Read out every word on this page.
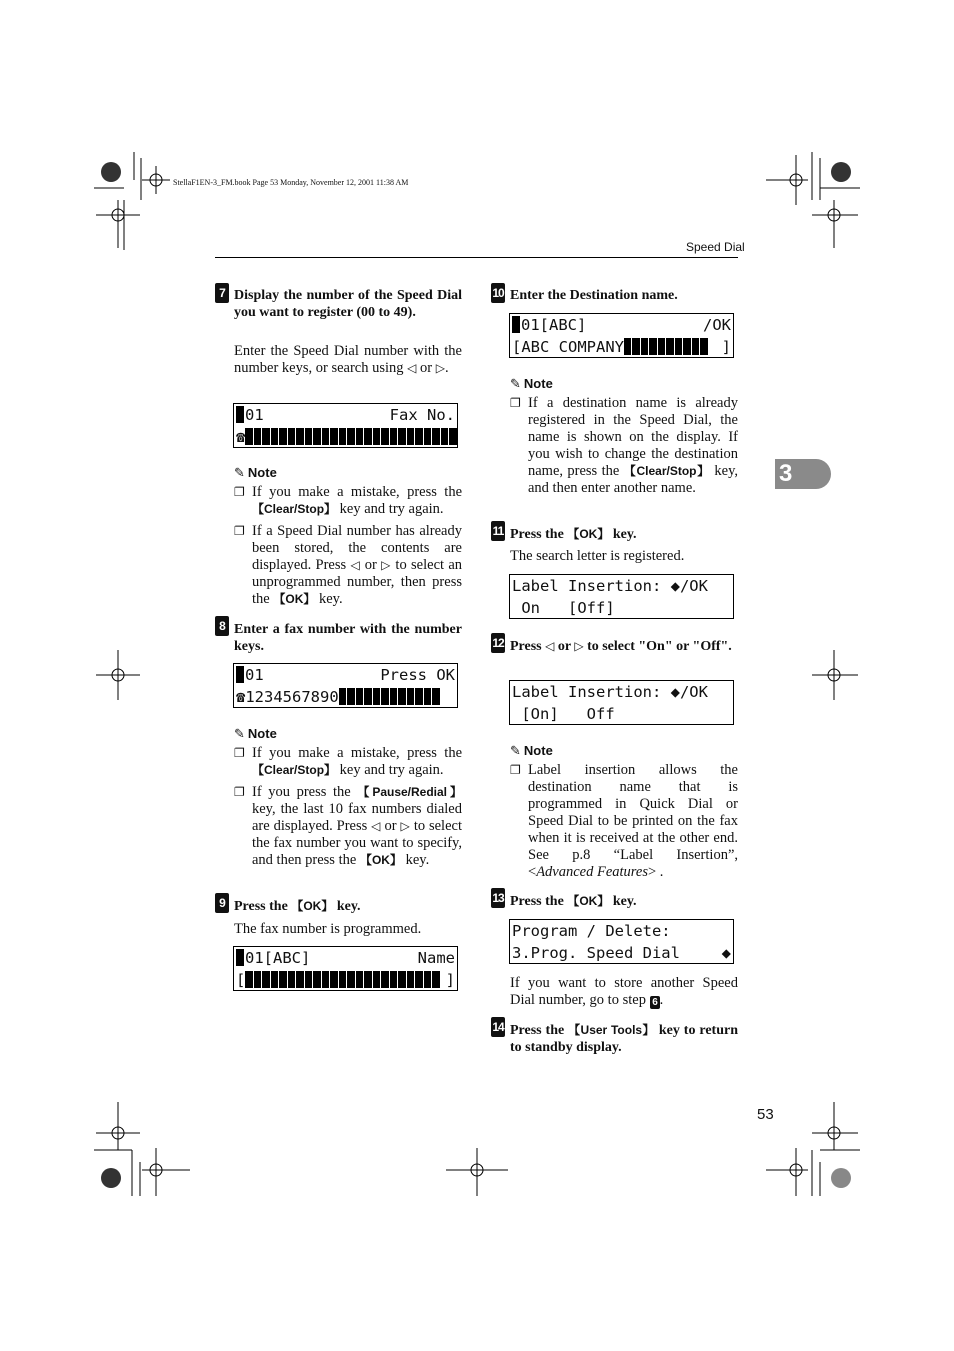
StellaF1EN-3_FM.book Page 53 Monday, November 12, 2001 11:38 AM
Speed Dial
3
53
7 Display the number of the Speed Dial you want to register (00 to 49).
Enter the Speed Dial number with the number keys, or search using ◁ or ▷.
01	Fax No.
☎
✎ Note
❐ If you make a mistake, press the 【 Clear/Stop 】 key and try again.
❐ If a Speed Dial number has already been stored, the contents are displayed. Press ◁ or ▷ to select an unprogrammed number, then press the 【 OK 】 key.
8 Enter a fax number with the number keys.
01	Press OK
☎1234567890
✎ Note
❐ If you make a mistake, press the 【 Clear/Stop 】 key and try again.
❐ If you press the 【 Pause/Redial 】 key, the last 10 fax numbers dialed are displayed. Press ◁ or ▷ to select the fax number you want to specify, and then press the 【 OK 】 key.
9 Press the 【 OK 】 key.
The fax number is programmed.
01[ABC]	Name
[	]
10 Enter the Destination name.
01[ABC]	/OK
[ABC COMPANY	]
✎ Note
❐ If a destination name is already registered in the Speed Dial, the name is shown on the display. If you wish to change the destination name, press the 【 Clear/Stop 】 key, and then enter another name.
11 Press the 【 OK 】 key.
The search letter is registered.
Label Insertion: ◆/OK
On   [Off]
12 Press ◁ or ▷ to select "On" or "Off".
Label Insertion: ◆/OK
[On]   Off
✎ Note
❐ Label insertion allows the destination name that is programmed in Quick Dial or Speed Dial to be printed on the fax when it is received at the other end. See p.8 “Label Insertion”, <Advanced Features> .
13 Press the 【 OK 】 key.
Program / Delete:
3.Prog. Speed Dial	◆
If you want to store another Speed Dial number, go to step 6 .
14 Press the 【 User Tools 】 key to return to standby display.
